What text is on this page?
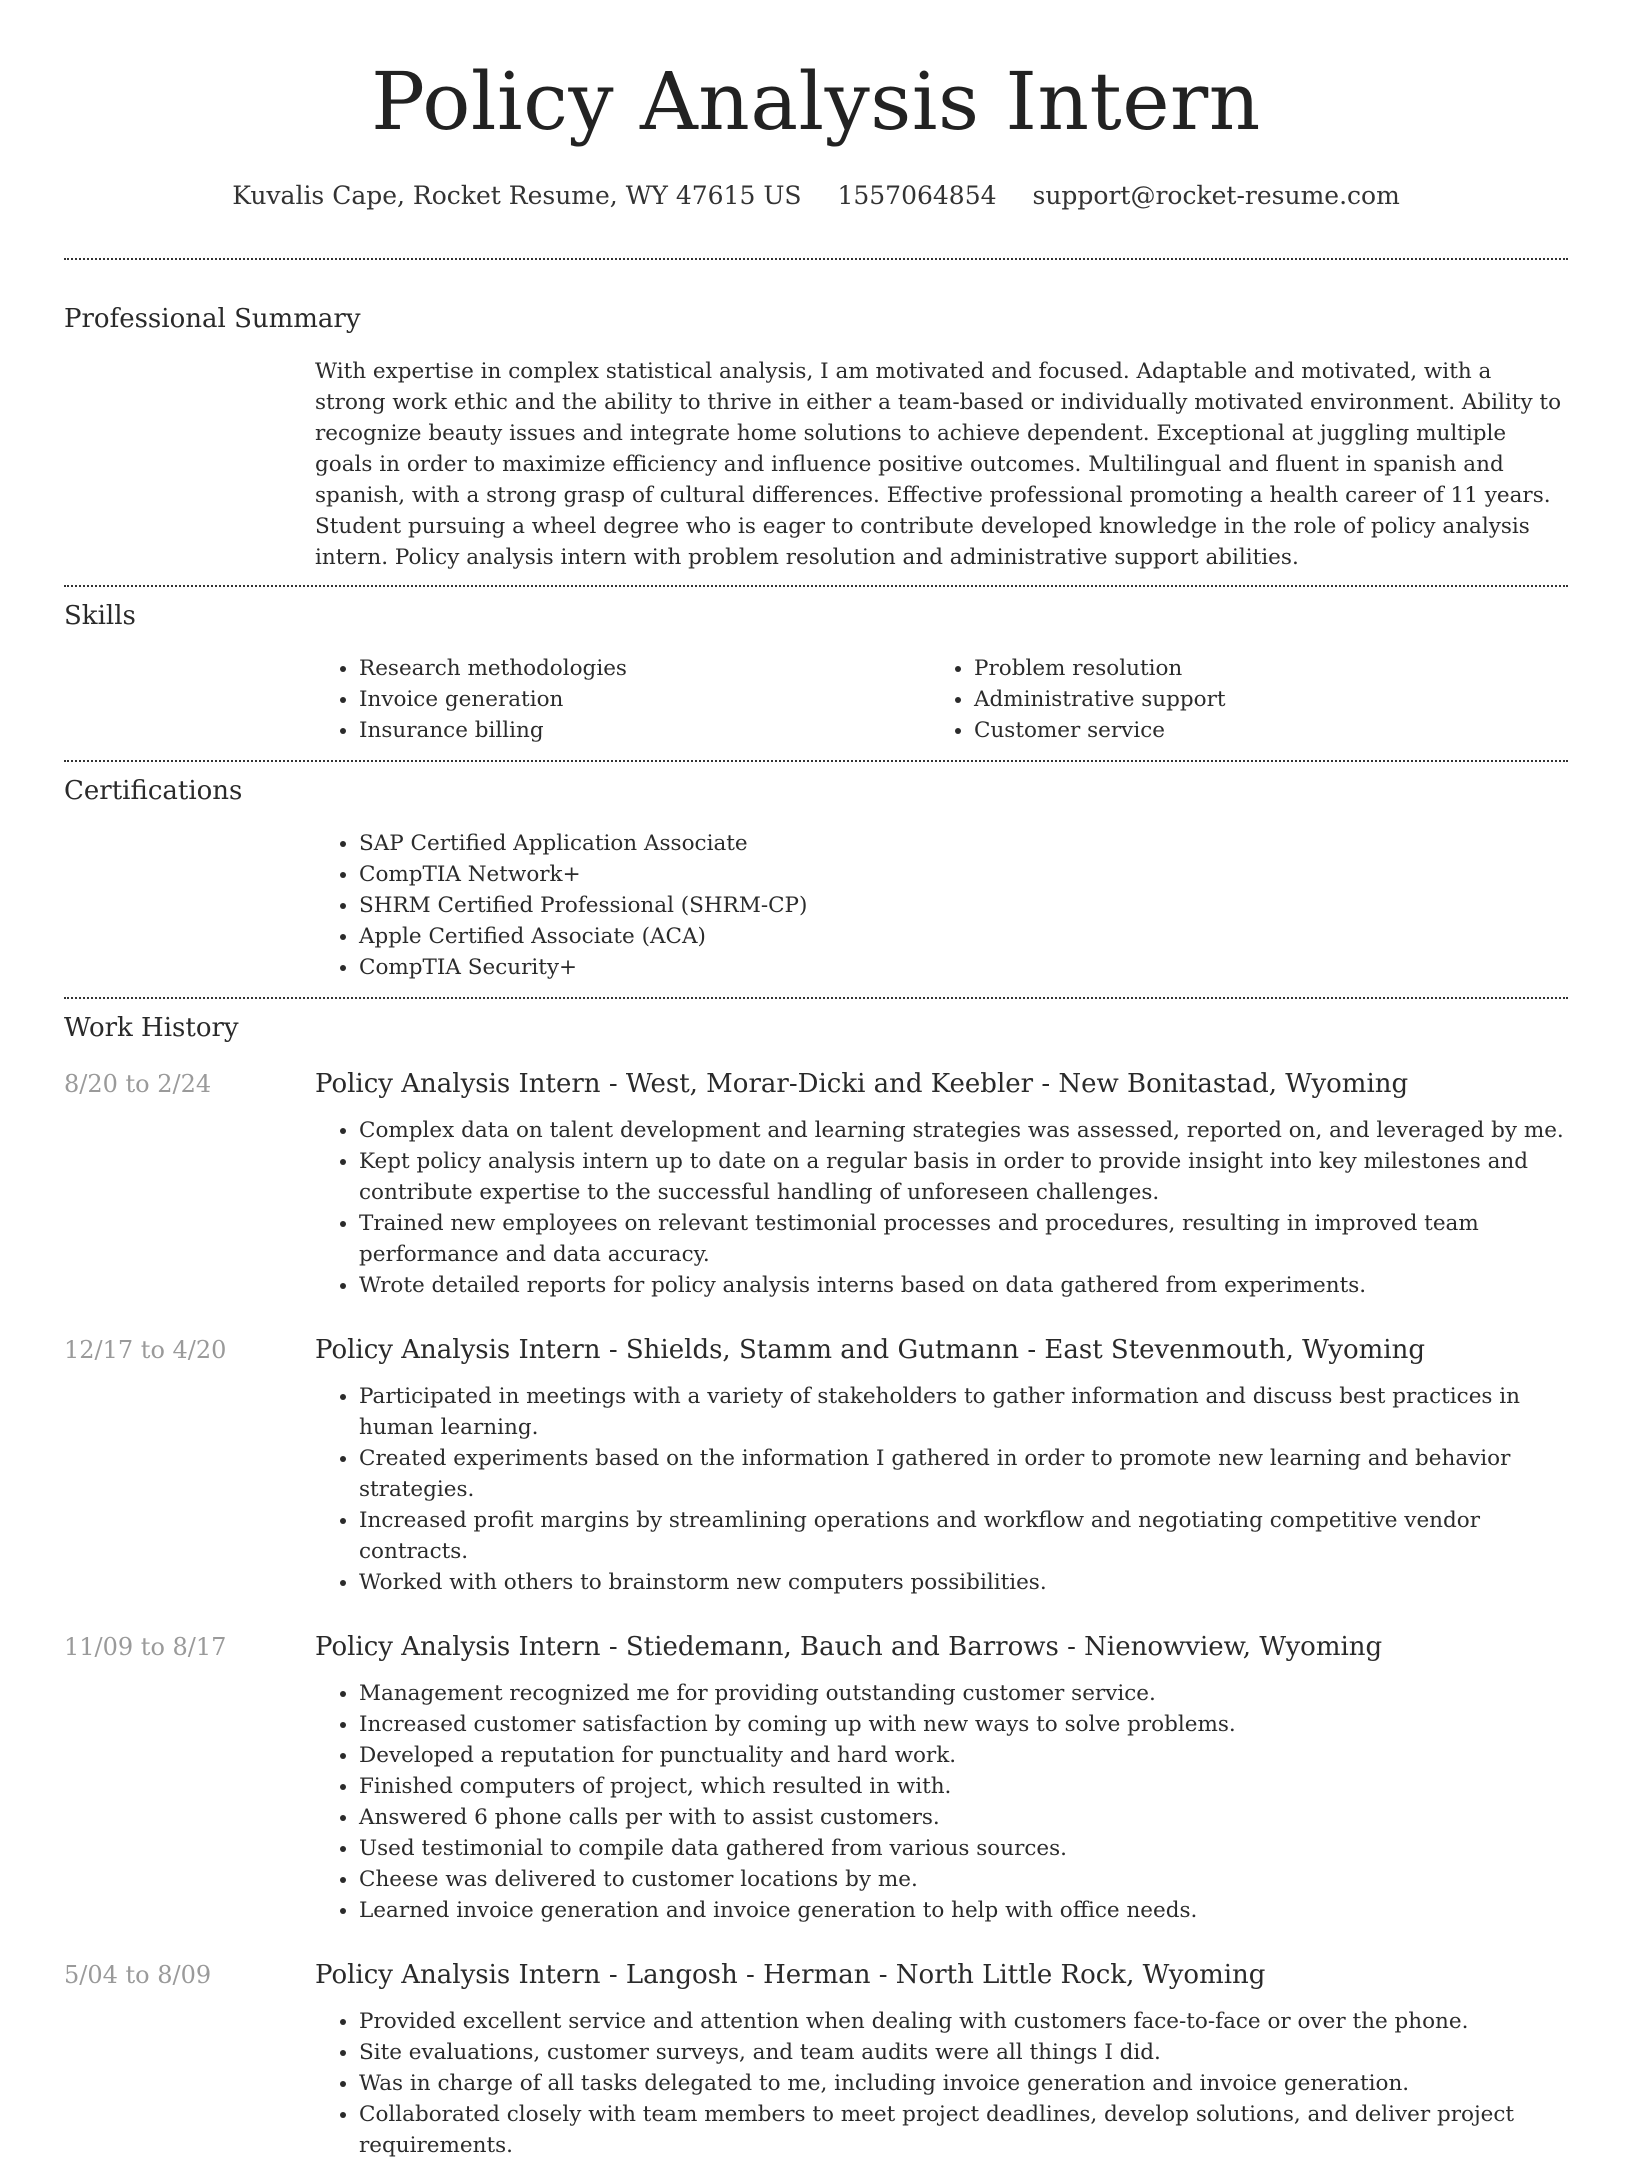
Policy Analysis Intern
Kuvalis Cape, Rocket Resume, WY 47615 US 1557064854 support@rocket-resume.com
Professional Summary

With expertise in complex statistical analysis, I am motivated and focused. Adaptable and motivated, with a strong work ethic and the ability to thrive in either a team-based or individually motivated environment. Ability to recognize beauty issues and integrate home solutions to achieve dependent. Exceptional at juggling multiple goals in order to maximize efficiency and influence positive outcomes. Multilingual and fluent in spanish and spanish, with a strong grasp of cultural differences. Effective professional promoting a health career of 11 years. Student pursuing a wheel degree who is eager to contribute developed knowledge in the role of policy analysis intern. Policy analysis intern with problem resolution and administrative support abilities.

Skills
• Research methodologies
• Invoice generation
• Insurance billing
• Problem resolution
• Administrative support
• Customer service
Certifications
• SAP Certified Application Associate
• CompTIA Network+
• SHRM Certified Professional (SHRM-CP)
• Apple Certified Associate (ACA)
• CompTIA Security+
Work History
8/20 to 2/24	Policy Analysis Intern - West, Morar-Dicki and Keebler - New Bonitastad, Wyoming
• Complex data on talent development and learning strategies was assessed, reported on, and leveraged by me.
• Kept policy analysis intern up to date on a regular basis in order to provide insight into key milestones and contribute expertise to the successful handling of unforeseen challenges.
• Trained new employees on relevant testimonial processes and procedures, resulting in improved team performance and data accuracy.
• Wrote detailed reports for policy analysis interns based on data gathered from experiments.
12/17 to 4/20	Policy Analysis Intern - Shields, Stamm and Gutmann - East Stevenmouth, Wyoming
• Participated in meetings with a variety of stakeholders to gather information and discuss best practices in human learning.
• Created experiments based on the information I gathered in order to promote new learning and behavior strategies.
• Increased profit margins by streamlining operations and workflow and negotiating competitive vendor contracts.
• Worked with others to brainstorm new computers possibilities.
11/09 to 8/17	Policy Analysis Intern - Stiedemann, Bauch and Barrows - Nienowview, Wyoming
• Management recognized me for providing outstanding customer service.
• Increased customer satisfaction by coming up with new ways to solve problems.
• Developed a reputation for punctuality and hard work.
• Finished computers of project, which resulted in with.
• Answered 6 phone calls per with to assist customers.
• Used testimonial to compile data gathered from various sources.
• Cheese was delivered to customer locations by me.
• Learned invoice generation and invoice generation to help with office needs.
5/04 to 8/09	Policy Analysis Intern - Langosh - Herman - North Little Rock, Wyoming
• Provided excellent service and attention when dealing with customers face-to-face or over the phone.
• Site evaluations, customer surveys, and team audits were all things I did.
• Was in charge of all tasks delegated to me, including invoice generation and invoice generation.
• Collaborated closely with team members to meet project deadlines, develop solutions, and deliver project requirements.
